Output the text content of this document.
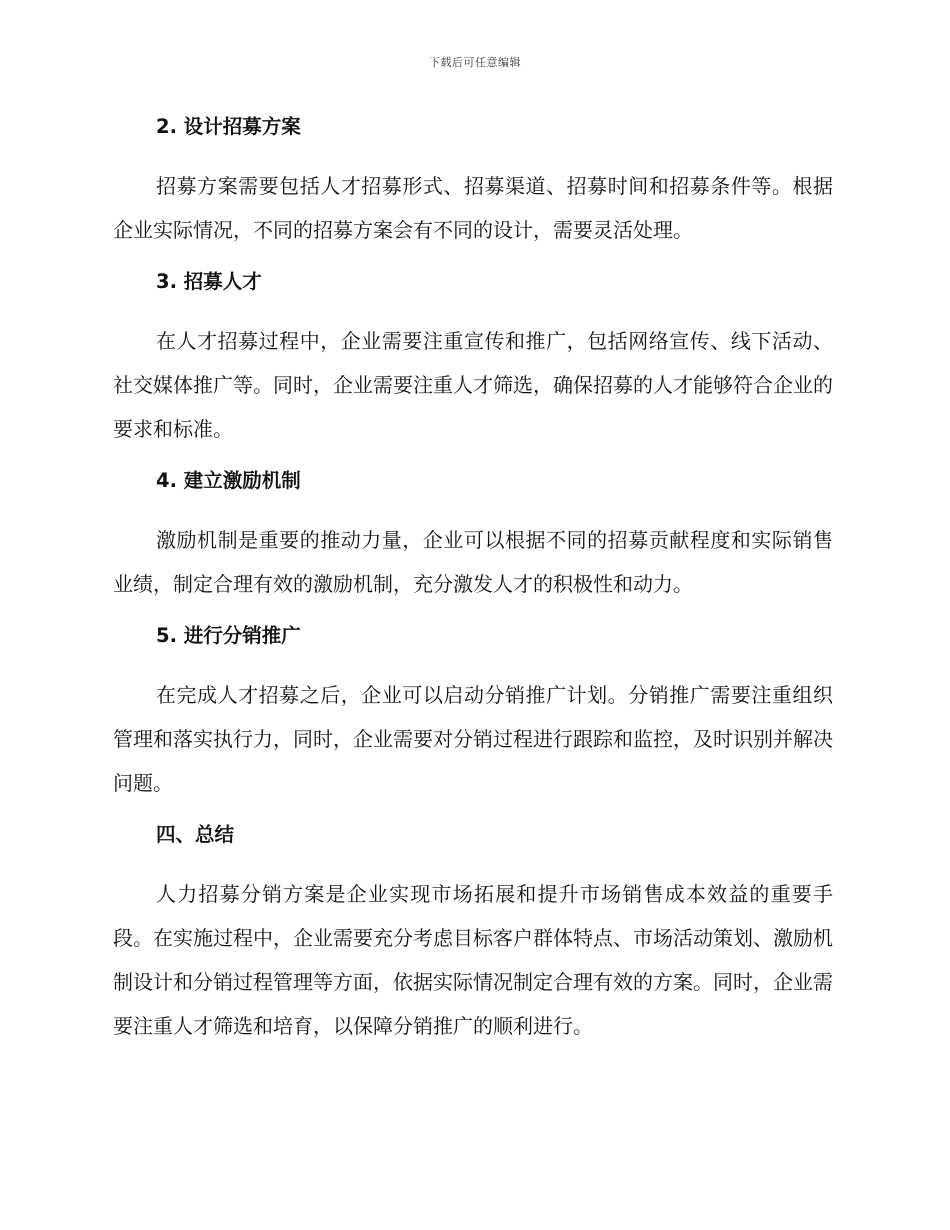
下载后可任意编辑
2. 设计招募方案

招募方案需要包括人才招募形式、招募渠道、招募时间和招募条件等。根据企业实际情况，不同的招募方案会有不同的设计，需要灵活处理。

3. 招募人才

在人才招募过程中，企业需要注重宣传和推广，包括网络宣传、线下活动、社交媒体推广等。同时，企业需要注重人才筛选，确保招募的人才能够符合企业的要求和标准。

4. 建立激励机制

激励机制是重要的推动力量，企业可以根据不同的招募贡献程度和实际销售业绩，制定合理有效的激励机制，充分激发人才的积极性和动力。

5. 进行分销推广

在完成人才招募之后，企业可以启动分销推广计划。分销推广需要注重组织管理和落实执行力，同时，企业需要对分销过程进行跟踪和监控，及时识别并解决问题。

四、总结

人力招募分销方案是企业实现市场拓展和提升市场销售成本效益的重要手段。在实施过程中，企业需要充分考虑目标客户群体特点、市场活动策划、激励机制设计和分销过程管理等方面，依据实际情况制定合理有效的方案。同时，企业需要注重人才筛选和培育，以保障分销推广的顺利进行。
